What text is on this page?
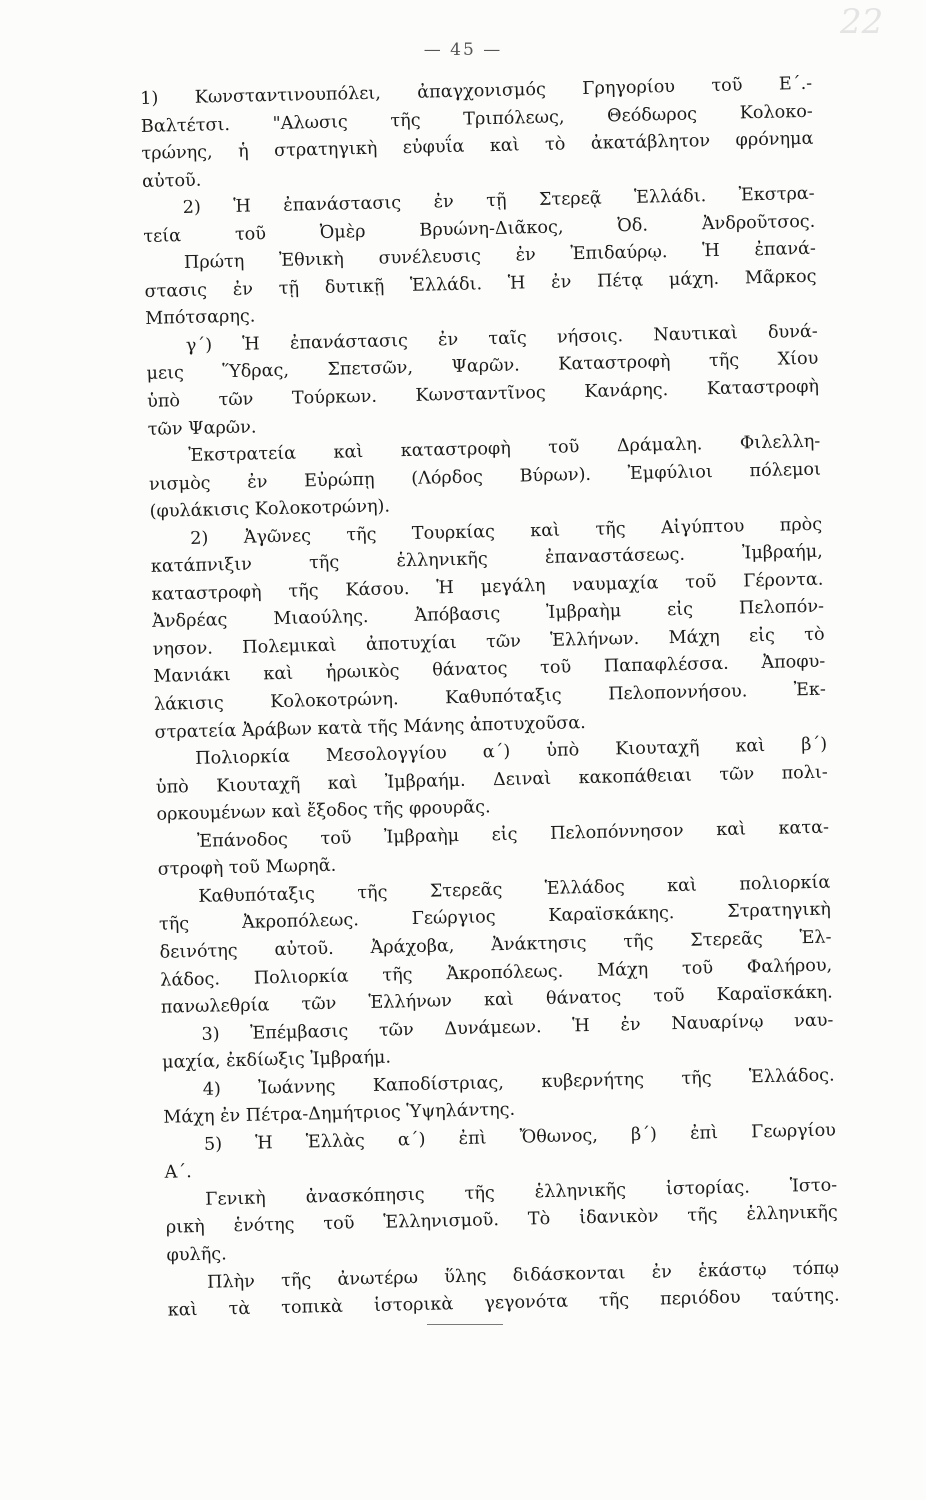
22
— 45 —
1) Κωνσταντινουπόλει, ἀπαγχονισμός Γρηγορίου τοῦ Ε΄.-
Βαλτέτσι. "Αλωσις τῆς Τριπόλεως, Θεόδωρος Κολοκο-
τρώνης, ἡ στρατηγικὴ εὐφυΐα καὶ τὸ ἀκατάβλητον φρόνημα
αὐτοῦ.
2) Ἡ ἐπανάστασις ἐν τῇ Στερεᾷ Ἑλλάδι. Ἐκστρα-
τεία τοῦ Ὀμὲρ Βρυώνη-Διᾶκος, Ὀδ. Ἀνδροῦτσος.
Πρώτη Ἐθνικὴ συνέλευσις ἐν Ἐπιδαύρῳ. Ἡ ἐπανά-
στασις ἐν τῇ δυτικῇ Ἑλλάδι. Ἡ ἐν Πέτᾳ μάχη. Μᾶρκος
Μπότσαρης.
γ΄) Ἡ ἐπανάστασις ἐν ταῖς νήσοις. Ναυτικαὶ δυνά-
μεις Ὕδρας, Σπετσῶν, Ψαρῶν. Καταστροφὴ τῆς Χίου
ὑπὸ τῶν Τούρκων. Κωνσταντῖνος Κανάρης. Καταστροφὴ
τῶν Ψαρῶν.
Ἐκστρατεία καὶ καταστροφὴ τοῦ Δράμαλη. Φιλελλη-
νισμὸς ἐν Εὐρώπῃ (Λόρδος Βύρων). Ἐμφύλιοι πόλεμοι
(φυλάκισις Κολοκοτρώνη).
2) Ἀγῶνες τῆς Τουρκίας καὶ τῆς Αἰγύπτου πρὸς
κατάπνιξιν τῆς ἑλληνικῆς ἐπαναστάσεως. Ἰμβραήμ,
καταστροφὴ τῆς Κάσου. Ἡ μεγάλη ναυμαχία τοῦ Γέροντα.
Ἀνδρέας Μιαούλης. Ἀπόβασις Ἰμβραὴμ εἰς Πελοπόν-
νησον. Πολεμικαὶ ἀποτυχίαι τῶν Ἑλλήνων. Μάχη εἰς τὸ
Μανιάκι καὶ ἡρωικὸς θάνατος τοῦ Παπαφλέσσα. Ἀποφυ-
λάκισις Κολοκοτρώνη. Καθυπόταξις Πελοποννήσου. Ἐκ-
στρατεία Ἀράβων κατὰ τῆς Μάνης ἀποτυχοῦσα.
Πολιορκία Μεσολογγίου α΄) ὑπὸ Κιουταχῆ καὶ β΄)
ὑπὸ Κιουταχῆ καὶ Ἰμβραήμ. Δειναὶ κακοπάθειαι τῶν πολι-
ορκουμένων καὶ ἔξοδος τῆς φρουρᾶς.
Ἐπάνοδος τοῦ Ἰμβραὴμ εἰς Πελοπόννησον καὶ κατα-
στροφὴ τοῦ Μωρηᾶ.
Καθυπόταξις τῆς Στερεᾶς Ἑλλάδος καὶ πολιορκία
τῆς Ἀκροπόλεως. Γεώργιος Καραϊσκάκης. Στρατηγικὴ
δεινότης αὐτοῦ. Ἀράχοβα, Ἀνάκτησις τῆς Στερεᾶς Ἑλ-
λάδος. Πολιορκία τῆς Ἀκροπόλεως. Μάχη τοῦ Φαλήρου,
πανωλεθρία τῶν Ἑλλήνων καὶ θάνατος τοῦ Καραϊσκάκη.
3) Ἐπέμβασις τῶν Δυνάμεων. Ἡ ἐν Ναυαρίνῳ ναυ-
μαχία, ἐκδίωξις Ἰμβραήμ.
4) Ἰωάννης Καποδίστριας, κυβερνήτης τῆς Ἑλλάδος.
Μάχη ἐν Πέτρα-Δημήτριος Ὑψηλάντης.
5) Ἡ Ἑλλὰς α΄) ἐπὶ Ὄθωνος, β΄) ἐπὶ Γεωργίου
Α΄.
Γενικὴ ἀνασκόπησις τῆς ἑλληνικῆς ἱστορίας. Ἱστο-
ρικὴ ἑνότης τοῦ Ἑλληνισμοῦ. Τὸ ἰδανικὸν τῆς ἑλληνικῆς
φυλῆς.
Πλὴν τῆς ἀνωτέρω ὕλης διδάσκονται ἐν ἑκάστῳ τόπῳ
καὶ τὰ τοπικὰ ἱστορικὰ γεγονότα τῆς περιόδου ταύτης.
